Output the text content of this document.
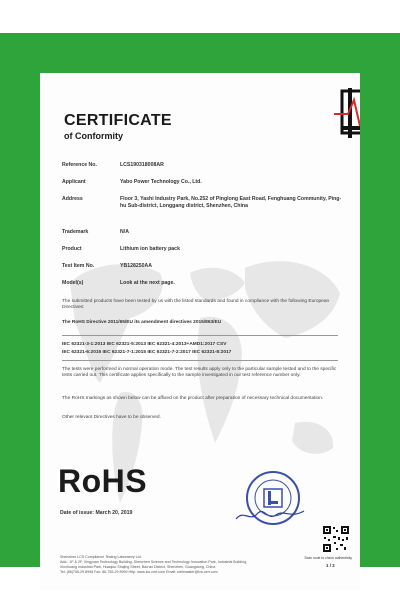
CERTIFICATE
of Conformity
S
Reference No.	LCS190318008AR
Applicant	Yabo Power Technology Co., Ltd.
Address	Floor 3, Yashi Industry Park, No.252 of Pinglong East Road, Fenghuang Community, Ping-hu Sub-district, Longgang district, Shenzhen, China
Trademark	N/A
Product	Lithium ion battery pack
Test Item No.	YB128250AA
Model(s)	Look at the next page.
The submitted products have been tested by us with the listed standards and found in compliance with the following European Directives:
The RoHS Directive 2011/65/EU its amendment directives 2015/863/EU
IEC 62321-3-1:2013 IEC 62321-5:2013 IEC 62321-4:2013+AMD1:2017 CSV
IEC 62321-6:2015 IEC 62321-7-1:2015 IEC 62321-7-2:2017 IEC 62321-8:2017
The tests were performed in normal operation mode. The test results apply only to the particular sample tested and to the specific tests carried out. This certificate applies specifically to the sample investigated in our test reference number only.
The RoHS markings as shown below can be affixed on the product after preparation of necessary technical documentation.
Other relevant Directives have to be observed.
RoHS
Date of issue: March 20, 2019
Shenzhen LCS Compliance Testing Laboratory Ltd.
Add.: 1F & 2F, Xingyuan Technology Building, Shenzhen Science and Technology Innovation Park, Industrial Building,
Xinzhuang Industrial Park, Huaqiao Shajing Street, Bao'an District, Shenzhen, Guangdong, China
Tel: (86)755-29 8998 Fax: 86-755-29 8999 Http: www.lcs-cert.com Email: webmaster@lcs-cert.com
Scan code to check authenticity
1 / 2
